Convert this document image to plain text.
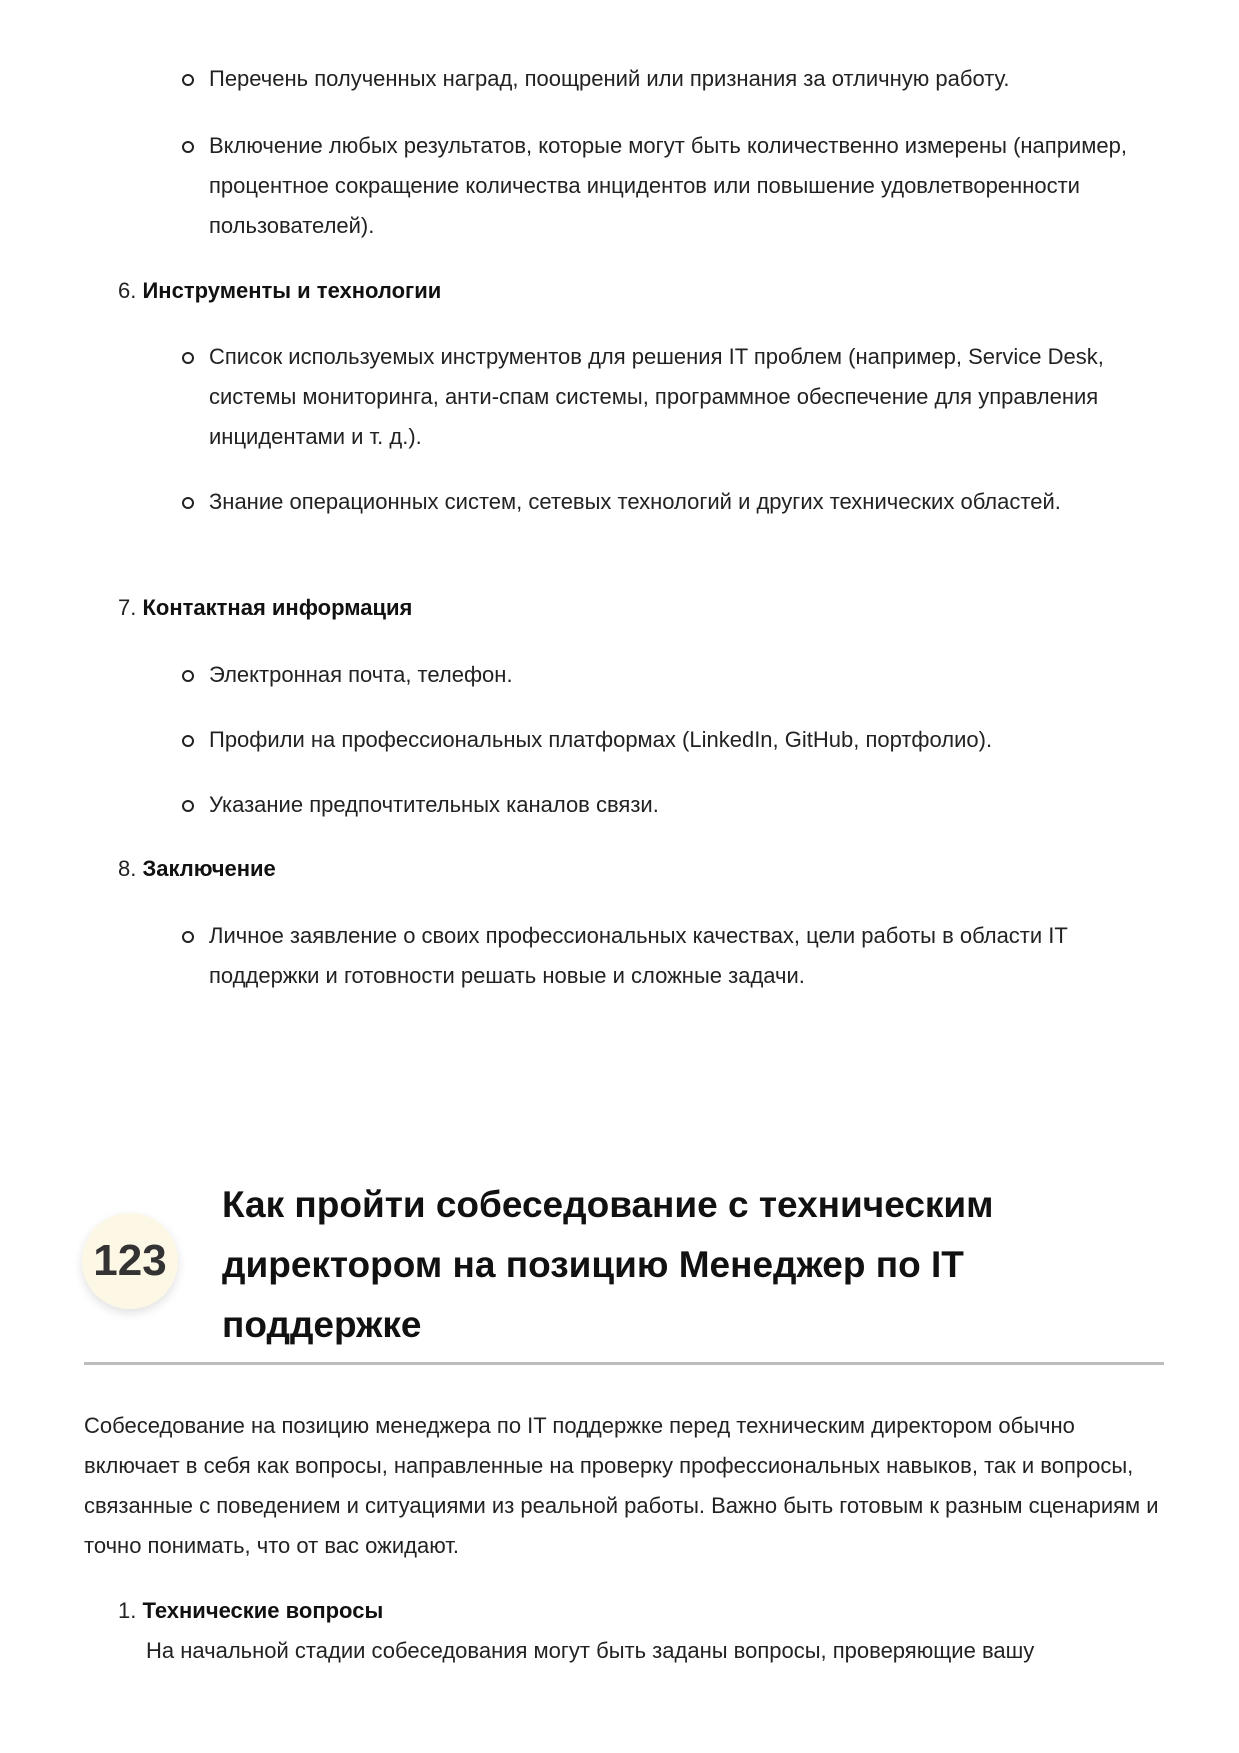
Перечень полученных наград, поощрений или признания за отличную работу.
Включение любых результатов, которые могут быть количественно измерены (например, процентное сокращение количества инцидентов или повышение удовлетворенности пользователей).
6. Инструменты и технологии
Список используемых инструментов для решения IT проблем (например, Service Desk, системы мониторинга, анти-спам системы, программное обеспечение для управления инцидентами и т. д.).
Знание операционных систем, сетевых технологий и других технических областей.
7. Контактная информация
Электронная почта, телефон.
Профили на профессиональных платформах (LinkedIn, GitHub, портфолио).
Указание предпочтительных каналов связи.
8. Заключение
Личное заявление о своих профессиональных качествах, цели работы в области IT поддержки и готовности решать новые и сложные задачи.
123
Как пройти собеседование с техническим директором на позицию Менеджер по IT поддержке

Собеседование на позицию менеджера по IT поддержке перед техническим директором обычно включает в себя как вопросы, направленные на проверку профессиональных навыков, так и вопросы, связанные с поведением и ситуациями из реальной работы. Важно быть готовым к разным сценариям и точно понимать, что от вас ожидают.

1. Технические вопросы
На начальной стадии собеседования могут быть заданы вопросы, проверяющие вашу
